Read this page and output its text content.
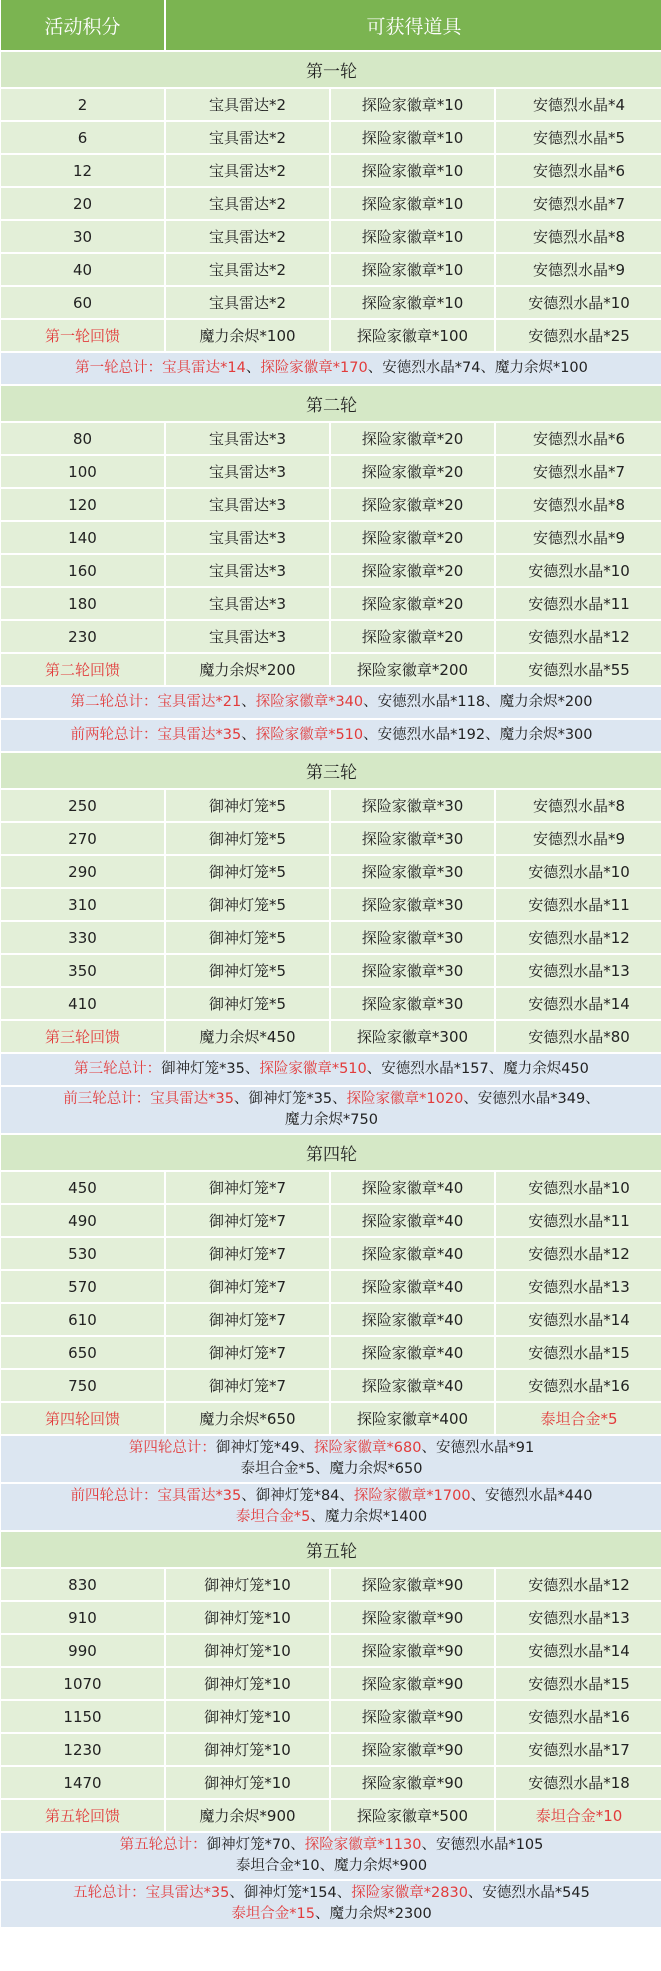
活动积分	可获得道具
第一轮
2	宝具雷达*2	探险家徽章*10	安德烈水晶*4
6	宝具雷达*2	探险家徽章*10	安德烈水晶*5
12	宝具雷达*2	探险家徽章*10	安德烈水晶*6
20	宝具雷达*2	探险家徽章*10	安德烈水晶*7
30	宝具雷达*2	探险家徽章*10	安德烈水晶*8
40	宝具雷达*2	探险家徽章*10	安德烈水晶*9
60	宝具雷达*2	探险家徽章*10	安德烈水晶*10
第一轮回馈	魔力余烬*100	探险家徽章*100	安德烈水晶*25
第一轮总计：宝具雷达*14、探险家徽章*170、安德烈水晶*74、魔力余烬*100
第二轮
80	宝具雷达*3	探险家徽章*20	安德烈水晶*6
100	宝具雷达*3	探险家徽章*20	安德烈水晶*7
120	宝具雷达*3	探险家徽章*20	安德烈水晶*8
140	宝具雷达*3	探险家徽章*20	安德烈水晶*9
160	宝具雷达*3	探险家徽章*20	安德烈水晶*10
180	宝具雷达*3	探险家徽章*20	安德烈水晶*11
230	宝具雷达*3	探险家徽章*20	安德烈水晶*12
第二轮回馈	魔力余烬*200	探险家徽章*200	安德烈水晶*55
第二轮总计：宝具雷达*21、探险家徽章*340、安德烈水晶*118、魔力余烬*200
前两轮总计：宝具雷达*35、探险家徽章*510、安德烈水晶*192、魔力余烬*300
第三轮
250	御神灯笼*5	探险家徽章*30	安德烈水晶*8
270	御神灯笼*5	探险家徽章*30	安德烈水晶*9
290	御神灯笼*5	探险家徽章*30	安德烈水晶*10
310	御神灯笼*5	探险家徽章*30	安德烈水晶*11
330	御神灯笼*5	探险家徽章*30	安德烈水晶*12
350	御神灯笼*5	探险家徽章*30	安德烈水晶*13
410	御神灯笼*5	探险家徽章*30	安德烈水晶*14
第三轮回馈	魔力余烬*450	探险家徽章*300	安德烈水晶*80
第三轮总计：御神灯笼*35、探险家徽章*510、安德烈水晶*157、魔力余烬450
前三轮总计：宝具雷达*35、御神灯笼*35、探险家徽章*1020、安德烈水晶*349、
魔力余烬*750
第四轮
450	御神灯笼*7	探险家徽章*40	安德烈水晶*10
490	御神灯笼*7	探险家徽章*40	安德烈水晶*11
530	御神灯笼*7	探险家徽章*40	安德烈水晶*12
570	御神灯笼*7	探险家徽章*40	安德烈水晶*13
610	御神灯笼*7	探险家徽章*40	安德烈水晶*14
650	御神灯笼*7	探险家徽章*40	安德烈水晶*15
750	御神灯笼*7	探险家徽章*40	安德烈水晶*16
第四轮回馈	魔力余烬*650	探险家徽章*400	泰坦合金*5
第四轮总计：御神灯笼*49、探险家徽章*680、安德烈水晶*91
泰坦合金*5、魔力余烬*650
前四轮总计：宝具雷达*35、御神灯笼*84、探险家徽章*1700、安德烈水晶*440
泰坦合金*5、魔力余烬*1400
第五轮
830	御神灯笼*10	探险家徽章*90	安德烈水晶*12
910	御神灯笼*10	探险家徽章*90	安德烈水晶*13
990	御神灯笼*10	探险家徽章*90	安德烈水晶*14
1070	御神灯笼*10	探险家徽章*90	安德烈水晶*15
1150	御神灯笼*10	探险家徽章*90	安德烈水晶*16
1230	御神灯笼*10	探险家徽章*90	安德烈水晶*17
1470	御神灯笼*10	探险家徽章*90	安德烈水晶*18
第五轮回馈	魔力余烬*900	探险家徽章*500	泰坦合金*10
第五轮总计：御神灯笼*70、探险家徽章*1130、安德烈水晶*105
泰坦合金*10、魔力余烬*900
五轮总计：宝具雷达*35、御神灯笼*154、探险家徽章*2830、安德烈水晶*545
泰坦合金*15、魔力余烬*2300
